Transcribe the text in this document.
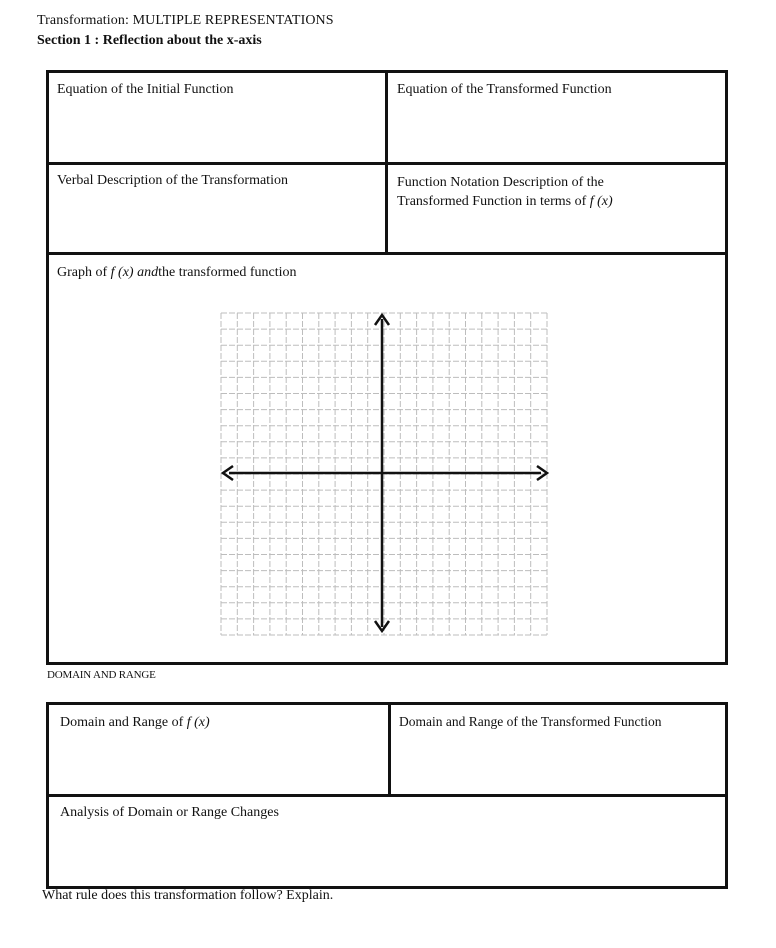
Transformation: MULTIPLE REPRESENTATIONS
Section 1 : Reflection about the x-axis
Equation of the Initial Function	Equation of the Transformed Function
Verbal Description of the Transformation	Function Notation Description of the
Transformed Function in terms of f (x)
Graph of f (x) andthe transformed function
DOMAIN AND RANGE
Domain and Range of f (x)	Domain and Range of the Transformed Function
Analysis of Domain or Range Changes
What rule does this transformation follow? Explain.
